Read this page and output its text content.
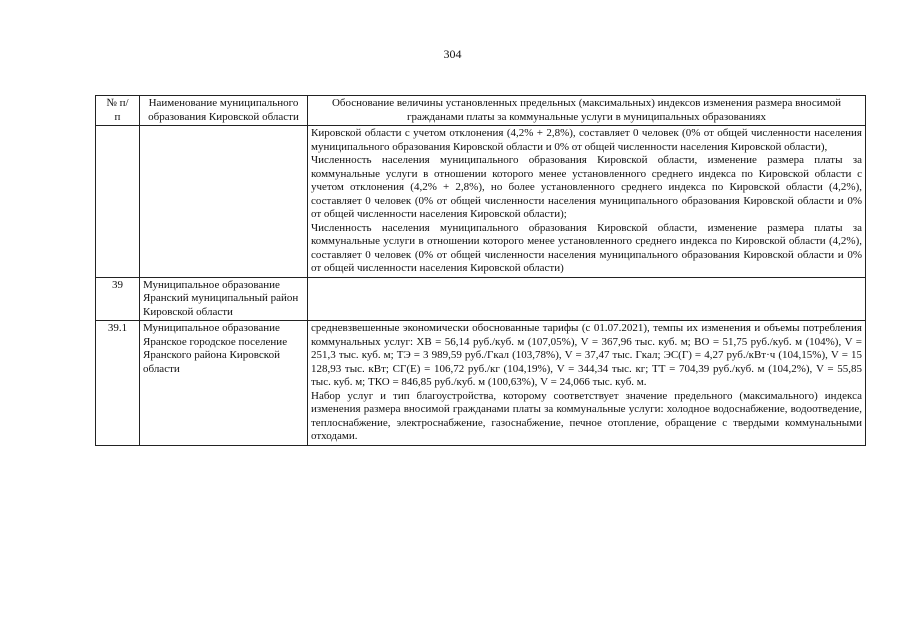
304
№ п/п	Наименование муниципального образования Кировской области	Обоснование величины установленных предельных (максимальных) индексов изменения размера вносимой гражданами платы за коммунальные услуги в муниципальных образованиях

		Кировской области с учетом отклонения (4,2% + 2,8%), составляет 0 человек (0% от общей численности населения муниципального образования Кировской области и 0% от общей численности населения Кировской области),
Численность населения муниципального образования Кировской области, изменение размера платы за коммунальные услуги в отношении которого менее установленного среднего индекса по Кировской области с учетом отклонения (4,2% + 2,8%), но более установленного среднего индекса по Кировской области (4,2%), составляет 0 человек (0% от общей численности населения муниципального образования Кировской области и 0% от общей численности населения Кировской области);
Численность населения муниципального образования Кировской области, изменение размера платы за коммунальные услуги в отношении которого менее установленного среднего индекса по Кировской области (4,2%), составляет 0 человек (0% от общей численности населения муниципального образования Кировской области и 0% от общей численности населения Кировской области)

39	Муниципальное образование Яранский муниципальный район Кировской области	
39.1	Муниципальное образование Яранское городское поселение Яранского района Кировской области	средневзвешенные экономически обоснованные тарифы (с 01.07.2021), темпы их изменения и объемы потребления коммунальных услуг: ХВ = 56,14 руб./куб. м (107,05%), V = 367,96 тыс. куб. м; ВО = 51,75 руб./куб. м (104%), V = 251,3 тыс. куб. м; ТЭ = 3 989,59 руб./Гкал (103,78%), V = 37,47 тыс. Гкал; ЭС(Г) = 4,27 руб./кВт·ч (104,15%), V = 15 128,93 тыс. кВт; СГ(Е) = 106,72 руб./кг (104,19%), V = 344,34 тыс. кг; ТТ = 704,39 руб./куб. м (104,2%), V = 55,85 тыс. куб. м; ТКО = 846,85 руб./куб. м (100,63%), V = 24,066 тыс. куб. м.
Набор услуг и тип благоустройства, которому соответствует значение предельного (максимального) индекса изменения размера вносимой гражданами платы за коммунальные услуги: холодное водоснабжение, водоотведение, теплоснабжение, электроснабжение, газоснабжение, печное отопление, обращение с твердыми коммунальными отходами.
